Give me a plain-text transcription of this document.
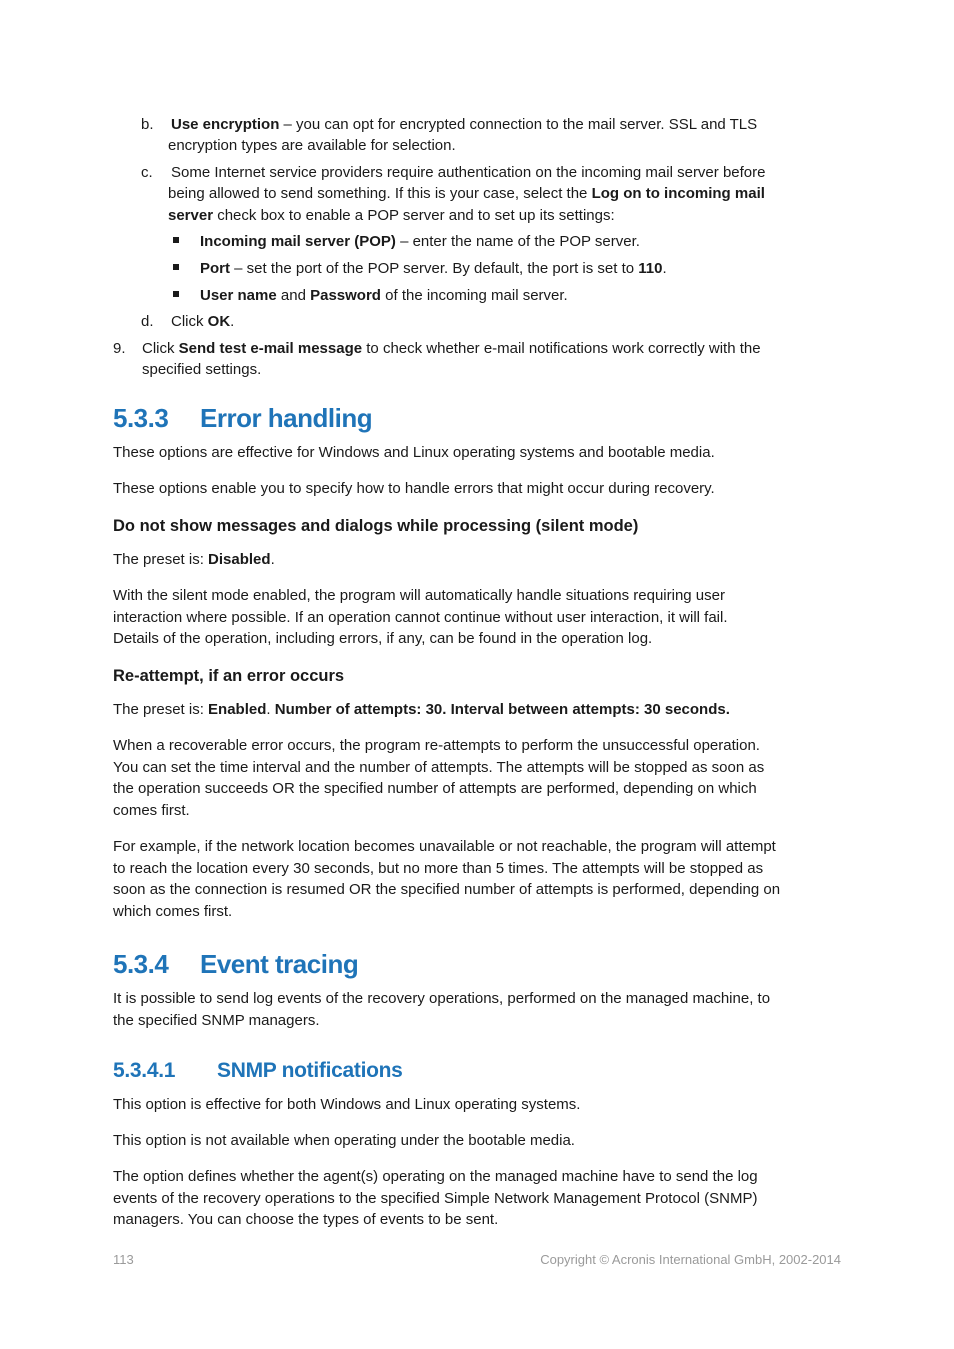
b. Use encryption – you can opt for encrypted connection to the mail server. SSL and TLS
encryption types are available for selection.

c. Some Internet service providers require authentication on the incoming mail server before
being allowed to send something. If this is your case, select the Log on to incoming mail
server check box to enable a POP server and to set up its settings:

Incoming mail server (POP) – enter the name of the POP server.

Port – set the port of the POP server. By default, the port is set to 110.

User name and Password of the incoming mail server.

d. Click OK.

9. Click Send test e-mail message to check whether e-mail notifications work correctly with the
specified settings.

5.3.3 Error handling

These options are effective for Windows and Linux operating systems and bootable media.

These options enable you to specify how to handle errors that might occur during recovery.

Do not show messages and dialogs while processing (silent mode)

The preset is: Disabled.

With the silent mode enabled, the program will automatically handle situations requiring user
interaction where possible. If an operation cannot continue without user interaction, it will fail.
Details of the operation, including errors, if any, can be found in the operation log.

Re-attempt, if an error occurs

The preset is: Enabled. Number of attempts: 30. Interval between attempts: 30 seconds.

When a recoverable error occurs, the program re-attempts to perform the unsuccessful operation.
You can set the time interval and the number of attempts. The attempts will be stopped as soon as
the operation succeeds OR the specified number of attempts are performed, depending on which
comes first.

For example, if the network location becomes unavailable or not reachable, the program will attempt
to reach the location every 30 seconds, but no more than 5 times. The attempts will be stopped as
soon as the connection is resumed OR the specified number of attempts is performed, depending on
which comes first.

5.3.4 Event tracing

It is possible to send log events of the recovery operations, performed on the managed machine, to
the specified SNMP managers.

5.3.4.1 SNMP notifications

This option is effective for both Windows and Linux operating systems.

This option is not available when operating under the bootable media.

The option defines whether the agent(s) operating on the managed machine have to send the log
events of the recovery operations to the specified Simple Network Management Protocol (SNMP)
managers. You can choose the types of events to be sent.

113	Copyright © Acronis International GmbH, 2002-2014
